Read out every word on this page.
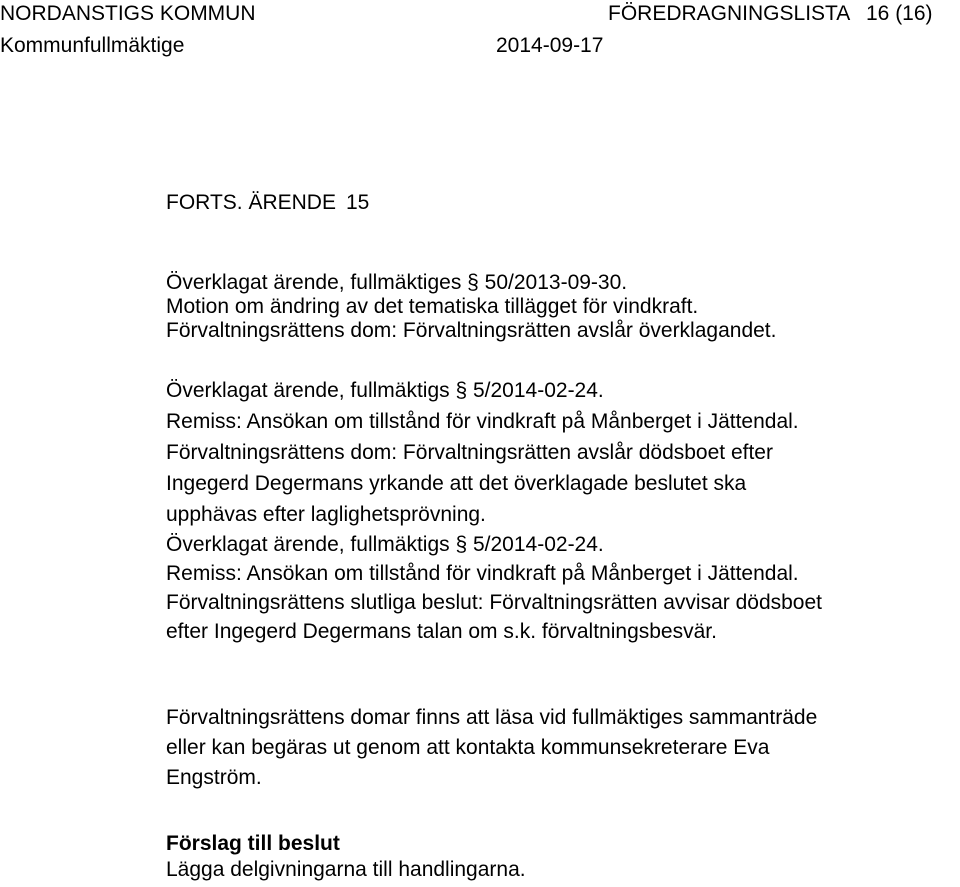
NORDANSTIGS KOMMUN
Kommunfullmäktige
FÖREDRAGNINGSLISTA
2014-09-17
16 (16)
FORTS. ÄRENDE 15
Överklagat ärende, fullmäktiges § 50/2013-09-30.
Motion om ändring av det tematiska tillägget för vindkraft.
Förvaltningsrättens dom: Förvaltningsrätten avslår överklagandet.
Överklagat ärende, fullmäktigs § 5/2014-02-24.
Remiss: Ansökan om tillstånd för vindkraft på Månberget i Jättendal.
Förvaltningsrättens dom: Förvaltningsrätten avslår dödsboet efter
Ingegerd Degermans yrkande att det överklagade beslutet ska
upphävas efter laglighetsprövning.
Överklagat ärende, fullmäktigs § 5/2014-02-24.
Remiss: Ansökan om tillstånd för vindkraft på Månberget i Jättendal.
Förvaltningsrättens slutliga beslut: Förvaltningsrätten avvisar dödsboet
efter Ingegerd Degermans talan om s.k. förvaltningsbesvär.
Förvaltningsrättens domar finns att läsa vid fullmäktiges sammanträde
eller kan begäras ut genom att kontakta kommunsekreterare Eva
Engström.
Förslag till beslut
Lägga delgivningarna till handlingarna.
